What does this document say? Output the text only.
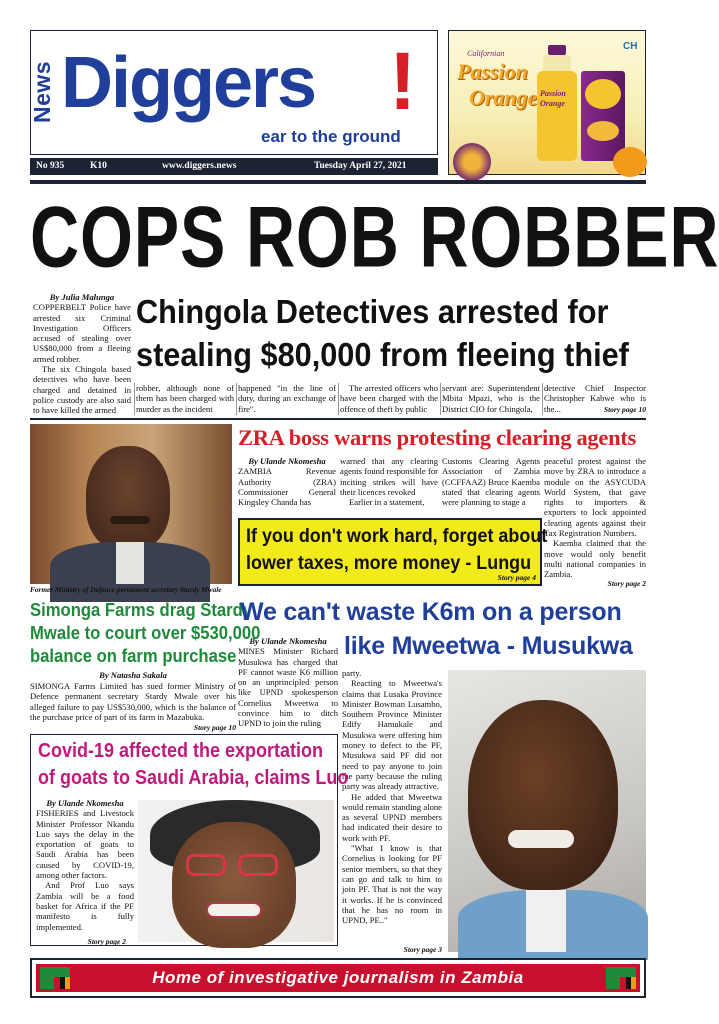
News Diggers !
ear to the ground
No 935	K10	www.diggers.news	Tuesday April 27, 2021
Californian
Passion
Orange Passion
Orange
CH
COPS ROB ROBBER
Chingola Detectives arrested for
stealing $80,000 from fleeing thief

By Julia Malunga

COPPERBELT Police have arrested six Criminal Investigation Officers accused of stealing over US$80,000 from a fleeing armed robber.

The six Chingola based detectives who have been charged and detained in police custody are also said to have killed the armed

robber, although none of them has been charged with murder as the incident
happened "in the line of duty, during an exchange of fire".
The arrested officers who have been charged with the offence of theft by public
servant are: Superintendent Mbita Mpazi, who is the District CIO for Chingola,
detective Chief Inspector Christopher Kabwe who is the...	Story page 10
Former Ministry of Defence permanent secretary Stardy Mwale
ZRA boss warns protesting clearing agents

By Ulande Nkomesha

ZAMBIA Revenue Authority (ZRA) Commissioner General Kingsley Chanda has

warned that any clearing agents found responsible for inciting strikes will have their licences revoked

Earlier in a statement,

Customs Clearing Agents Association of Zambia (CCFFAAZ) Bruce Kaemba stated that clearing agents were planning to stage a

peaceful protest against the move by ZRA to introduce a module on the ASYCUDA World System, that gave rights to importers & exporters to lock appointed clearing agents against their Tax Registration Numbers.

Kaemba claimed that the move would only benefit multi national companies in Zambia.

Story page 2
If you don't work hard, forget about
lower taxes, more money - Lungu
Story page 4
Simonga Farms drag Stardy
Mwale to court over $530,000
balance on farm purchase
By Natasha Sakala
SIMONGA Farms Limited has sued former Ministry of Defence permanent secretary Stardy Mwale over his alleged failure to pay US$530,000, which is the balance of the purchase price of part of its farm in Mazabuka.
Story page 10
We can't waste K6m on a person
like Mweetwa - Musukwa

By Ulande Nkomesha

MINES Minister Richard Musukwa has charged that PF cannot waste K6 million on an unprincipled person like UPND spokesperson Cornelius Mweetwa to convince him to ditch UPND to join the ruling

party.

Reacting to Mweetwa's claims that Lusaka Province Minister Bowman Lusambo, Southern Province Minister Edify Hamukale and Musukwa were offering him money to defect to the PF, Musukwa said PF did not need to pay anyone to join the party because the ruling party was already attractive.

He added that Mweetwa would remain standing alone as several UPND members had indicated their desire to work with PF.

"What I know is that Cornelius is looking for PF senior members, so that they can go and talk to him to join PF. That is not the way it works. If he is convinced that he has no room in UPND, PE.."

Story page 3
Covid-19 affected the exportation
of goats to Saudi Arabia, claims Luo

By Ulande Nkomesha

FISHERIES and Livestock Minister Professor Nkandu Luo says the delay in the exportation of goats to Saudi Arabia has been caused by COVID-19, among other factors.

And Prof Luo says Zambia will be a food basket for Africa if the PF manifesto is fully implemented.

Story page 2
Home of investigative journalism in Zambia
